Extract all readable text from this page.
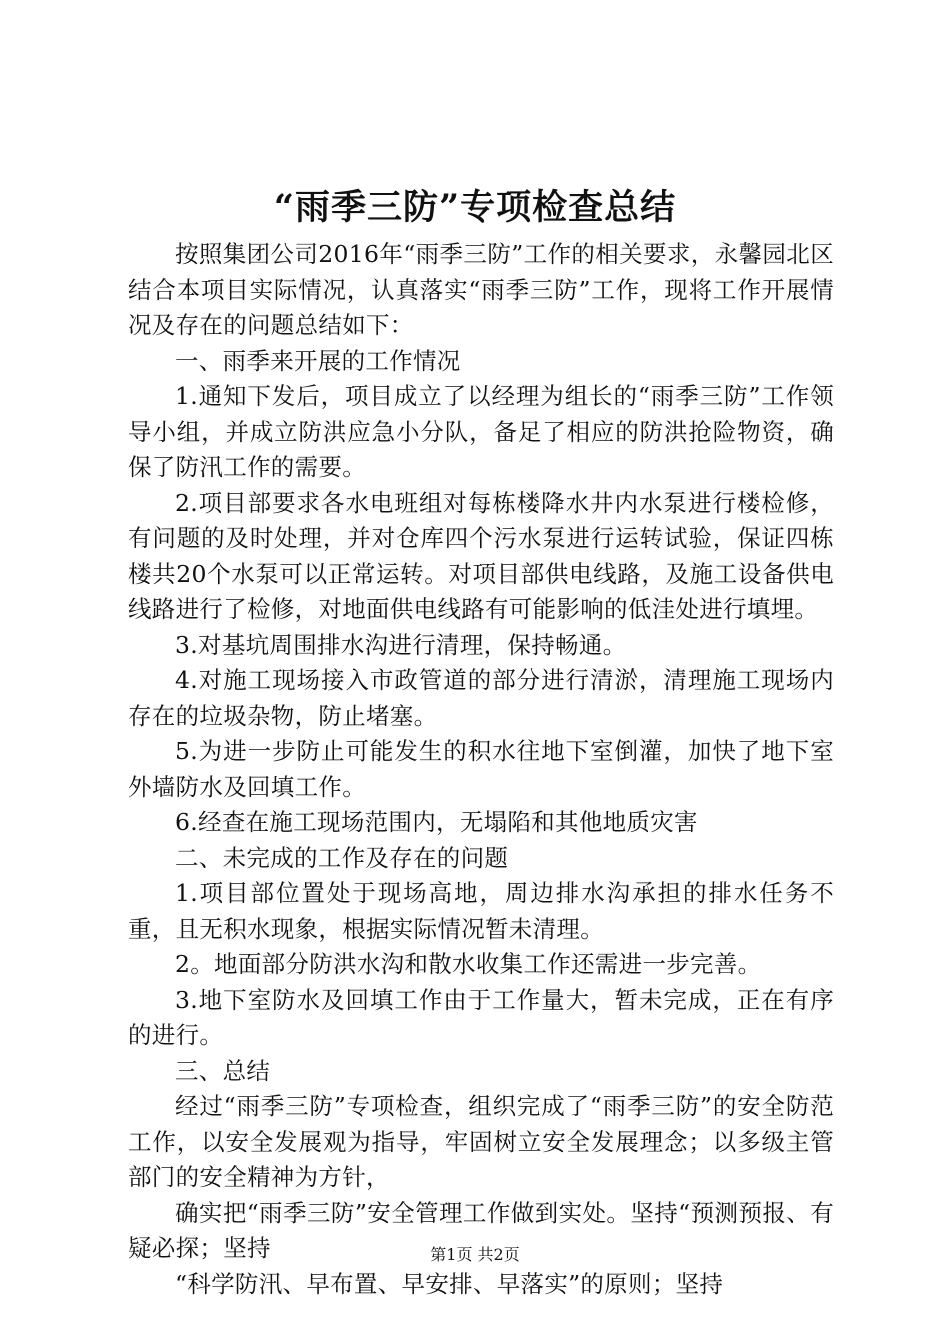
“雨季三防”专项检查总结

按照集团公司2016年“雨季三防”工作的相关要求，永馨园北区结合本项目实际情况，认真落实“雨季三防”工作，现将工作开展情况及存在的问题总结如下：

一、雨季来开展的工作情况

1.通知下发后，项目成立了以经理为组长的“雨季三防”工作领导小组，并成立防洪应急小分队，备足了相应的防洪抢险物资，确保了防汛工作的需要。

2.项目部要求各水电班组对每栋楼降水井内水泵进行楼检修，有问题的及时处理，并对仓库四个污水泵进行运转试验，保证四栋楼共20个水泵可以正常运转。对项目部供电线路，及施工设备供电线路进行了检修，对地面供电线路有可能影响的低洼处进行填埋。

3.对基坑周围排水沟进行清理，保持畅通。

4.对施工现场接入市政管道的部分进行清淤，清理施工现场内存在的垃圾杂物，防止堵塞。

5.为进一步防止可能发生的积水往地下室倒灌，加快了地下室外墙防水及回填工作。

6.经查在施工现场范围内，无塌陷和其他地质灾害

二、未完成的工作及存在的问题

1.项目部位置处于现场高地，周边排水沟承担的排水任务不重，且无积水现象，根据实际情况暂未清理。

2。地面部分防洪水沟和散水收集工作还需进一步完善。

3.地下室防水及回填工作由于工作量大，暂未完成，正在有序的进行。

三、总结

经过“雨季三防”专项检查，组织完成了“雨季三防”的安全防范工作，以安全发展观为指导，牢固树立安全发展理念；以多级主管部门的安全精神为方针，

确实把“雨季三防”安全管理工作做到实处。坚持“预测预报、有疑必探；坚持

“科学防汛、早布置、早安排、早落实”的原则；坚持

第1页 共2页
